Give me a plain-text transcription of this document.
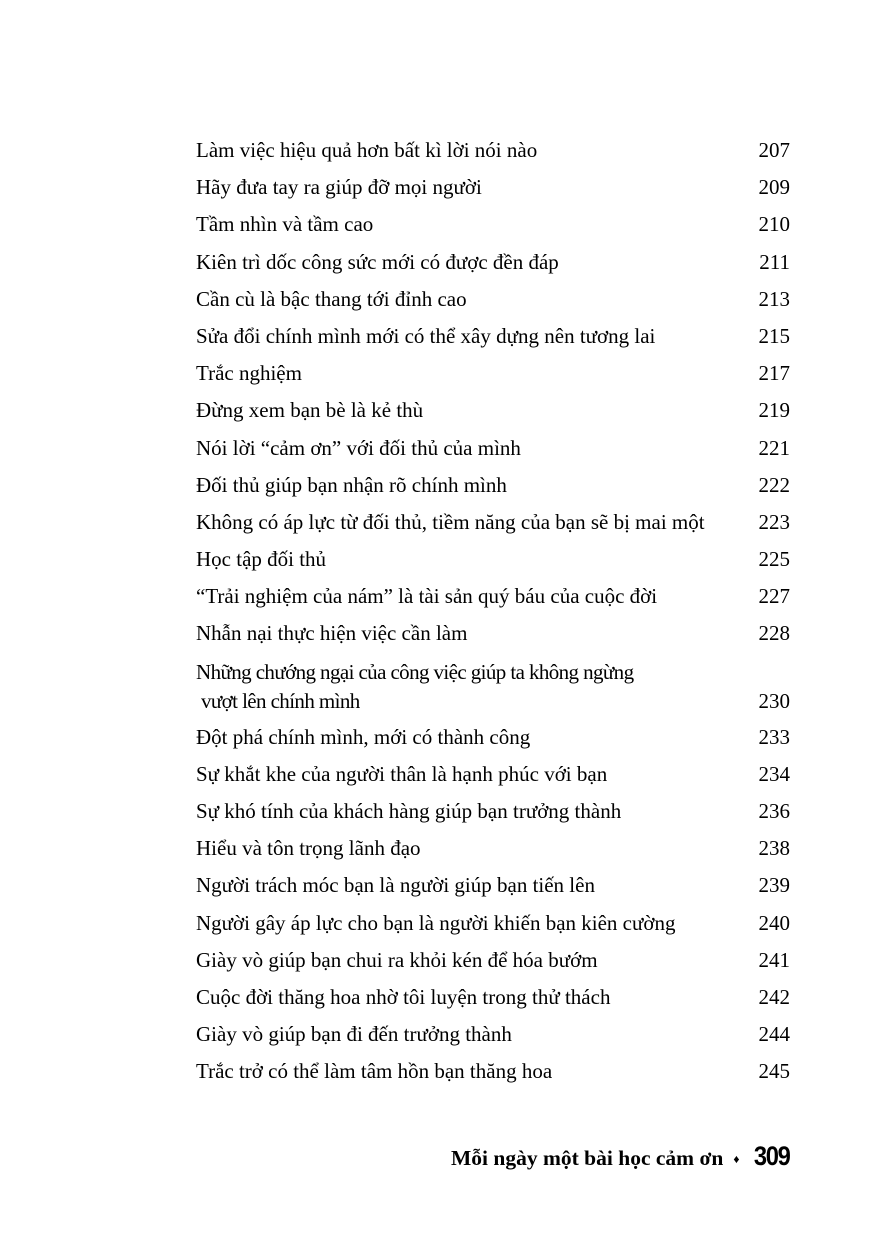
Làm việc hiệu quả hơn bất kì lời nói nào	207
Hãy đưa tay ra giúp đỡ mọi người	209
Tầm nhìn và tầm cao	210
Kiên trì dốc công sức mới có được đền đáp	211
Cần cù là bậc thang tới đỉnh cao	213
Sửa đổi chính mình mới có thể xây dựng nên tương lai	215
Trắc nghiệm	217
Đừng xem bạn bè là kẻ thù	219
Nói lời “cảm ơn” với đối thủ của mình	221
Đối thủ giúp bạn nhận rõ chính mình	222
Không có áp lực từ đối thủ, tiềm năng của bạn sẽ bị mai một	223
Học tập đối thủ	225
“Trải nghiệm của nám” là tài sản quý báu của cuộc đời	227
Nhẫn nại thực hiện việc cần làm	228
Những chướng ngại của công việc giúp ta không ngừng
vượt lên chính mình	230
Đột phá chính mình, mới có thành công	233
Sự khắt khe của người thân là hạnh phúc với bạn	234
Sự khó tính của khách hàng giúp bạn trưởng thành	236
Hiểu và tôn trọng lãnh đạo	238
Người trách móc bạn là người giúp bạn tiến lên	239
Người gây áp lực cho bạn là người khiến bạn kiên cường	240
Giày vò giúp bạn chui ra khỏi kén để hóa bướm	241
Cuộc đời thăng hoa nhờ tôi luyện trong thử thách	242
Giày vò giúp bạn đi đến trưởng thành	244
Trắc trở có thể làm tâm hồn bạn thăng hoa	245
Mỗi ngày một bài học cảm ơn ♦ 309
